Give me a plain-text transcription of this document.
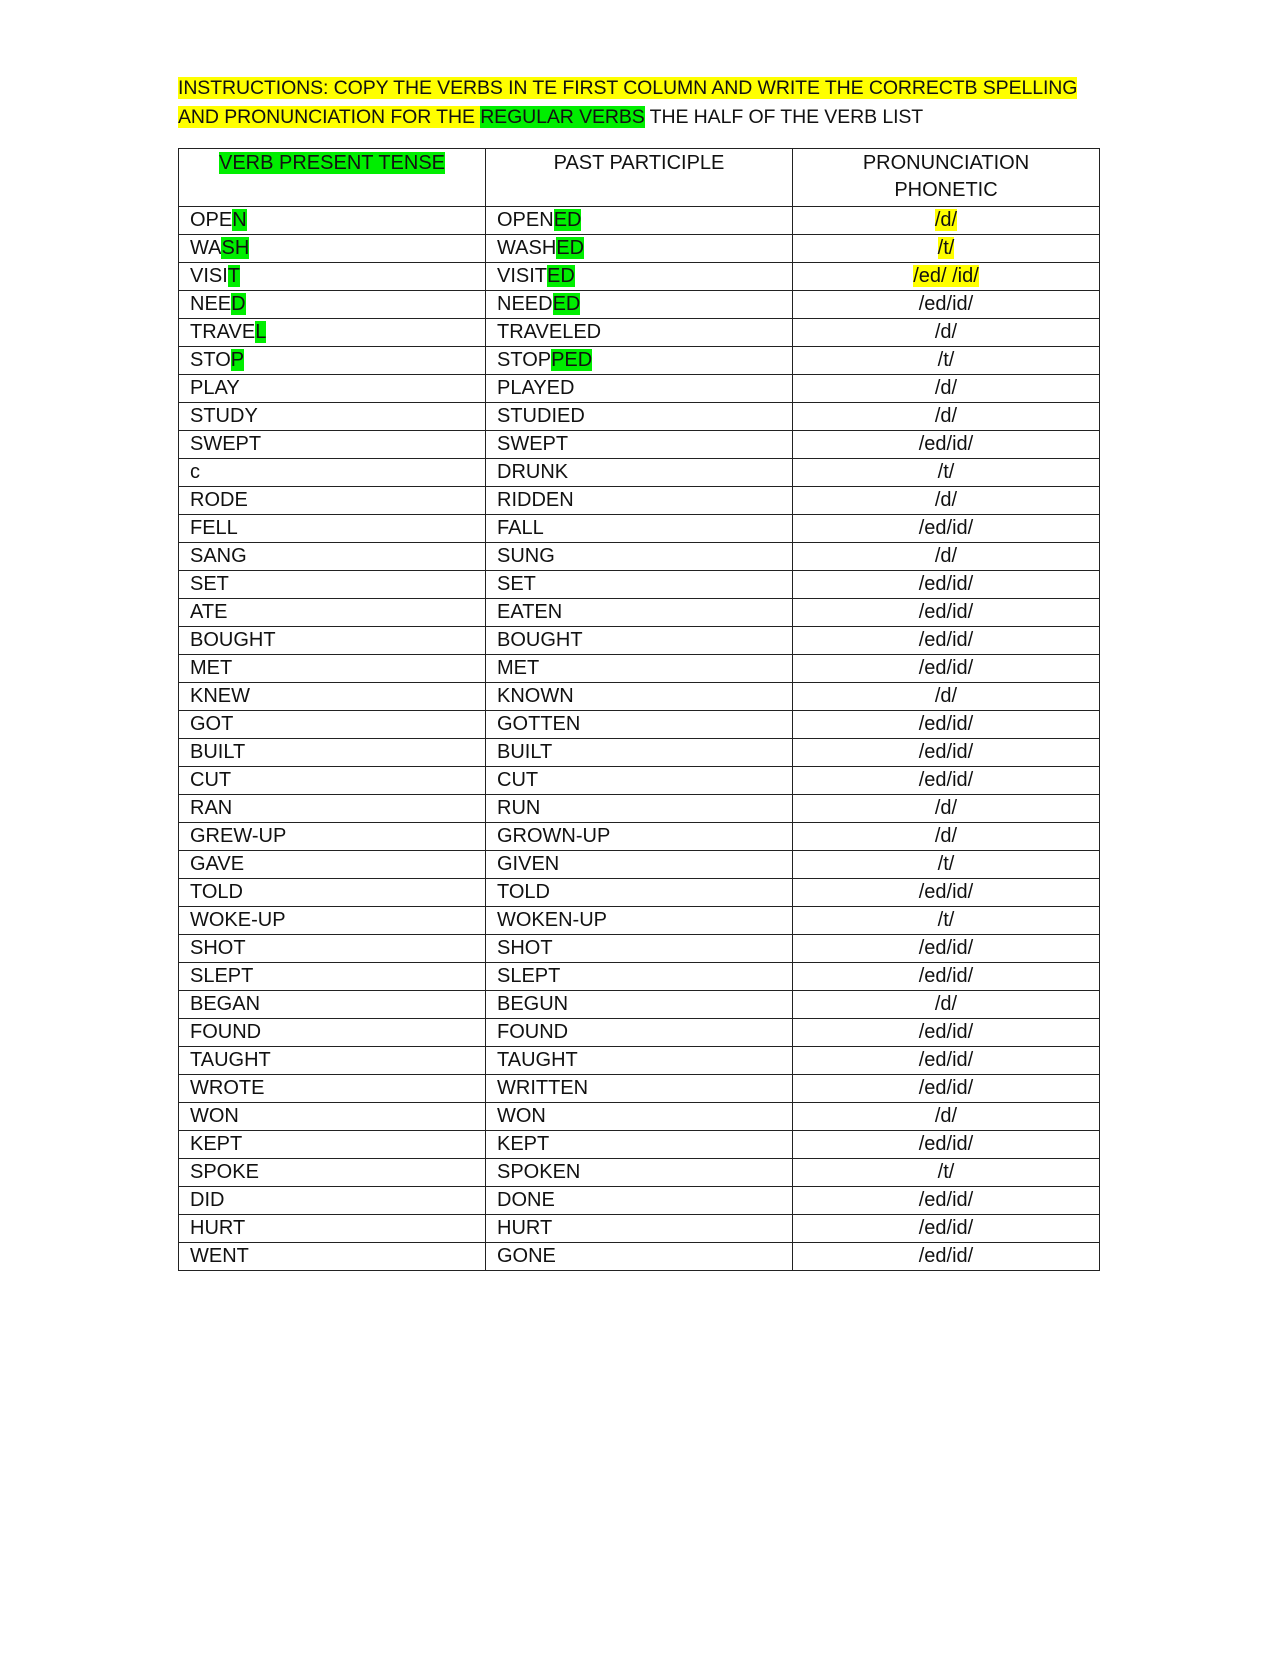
INSTRUCTIONS: COPY THE VERBS IN TE FIRST COLUMN AND WRITE THE CORRECTB SPELLING AND PRONUNCIATION FOR THE REGULAR VERBS THE HALF OF THE VERB LIST

VERB PRESENT TENSE	PAST PARTICIPLE	PRONUNCIATION
PHONETIC
OPEN	OPENED	/d/
WASH	WASHED	/t/
VISIT	VISITED	/ed/ /id/
NEED	NEEDED	/ed/id/
TRAVEL	TRAVELED	/d/
STOP	STOPPED	/t/
PLAY	PLAYED	/d/
STUDY	STUDIED	/d/
SWEPT	SWEPT	/ed/id/
c	DRUNK	/t/
RODE	RIDDEN	/d/
FELL	FALL	/ed/id/
SANG	SUNG	/d/
SET	SET	/ed/id/
ATE	EATEN	/ed/id/
BOUGHT	BOUGHT	/ed/id/
MET	MET	/ed/id/
KNEW	KNOWN	/d/
GOT	GOTTEN	/ed/id/
BUILT	BUILT	/ed/id/
CUT	CUT	/ed/id/
RAN	RUN	/d/
GREW-UP	GROWN-UP	/d/
GAVE	GIVEN	/t/
TOLD	TOLD	/ed/id/
WOKE-UP	WOKEN-UP	/t/
SHOT	SHOT	/ed/id/
SLEPT	SLEPT	/ed/id/
BEGAN	BEGUN	/d/
FOUND	FOUND	/ed/id/
TAUGHT	TAUGHT	/ed/id/
WROTE	WRITTEN	/ed/id/
WON	WON	/d/
KEPT	KEPT	/ed/id/
SPOKE	SPOKEN	/t/
DID	DONE	/ed/id/
HURT	HURT	/ed/id/
WENT	GONE	/ed/id/
